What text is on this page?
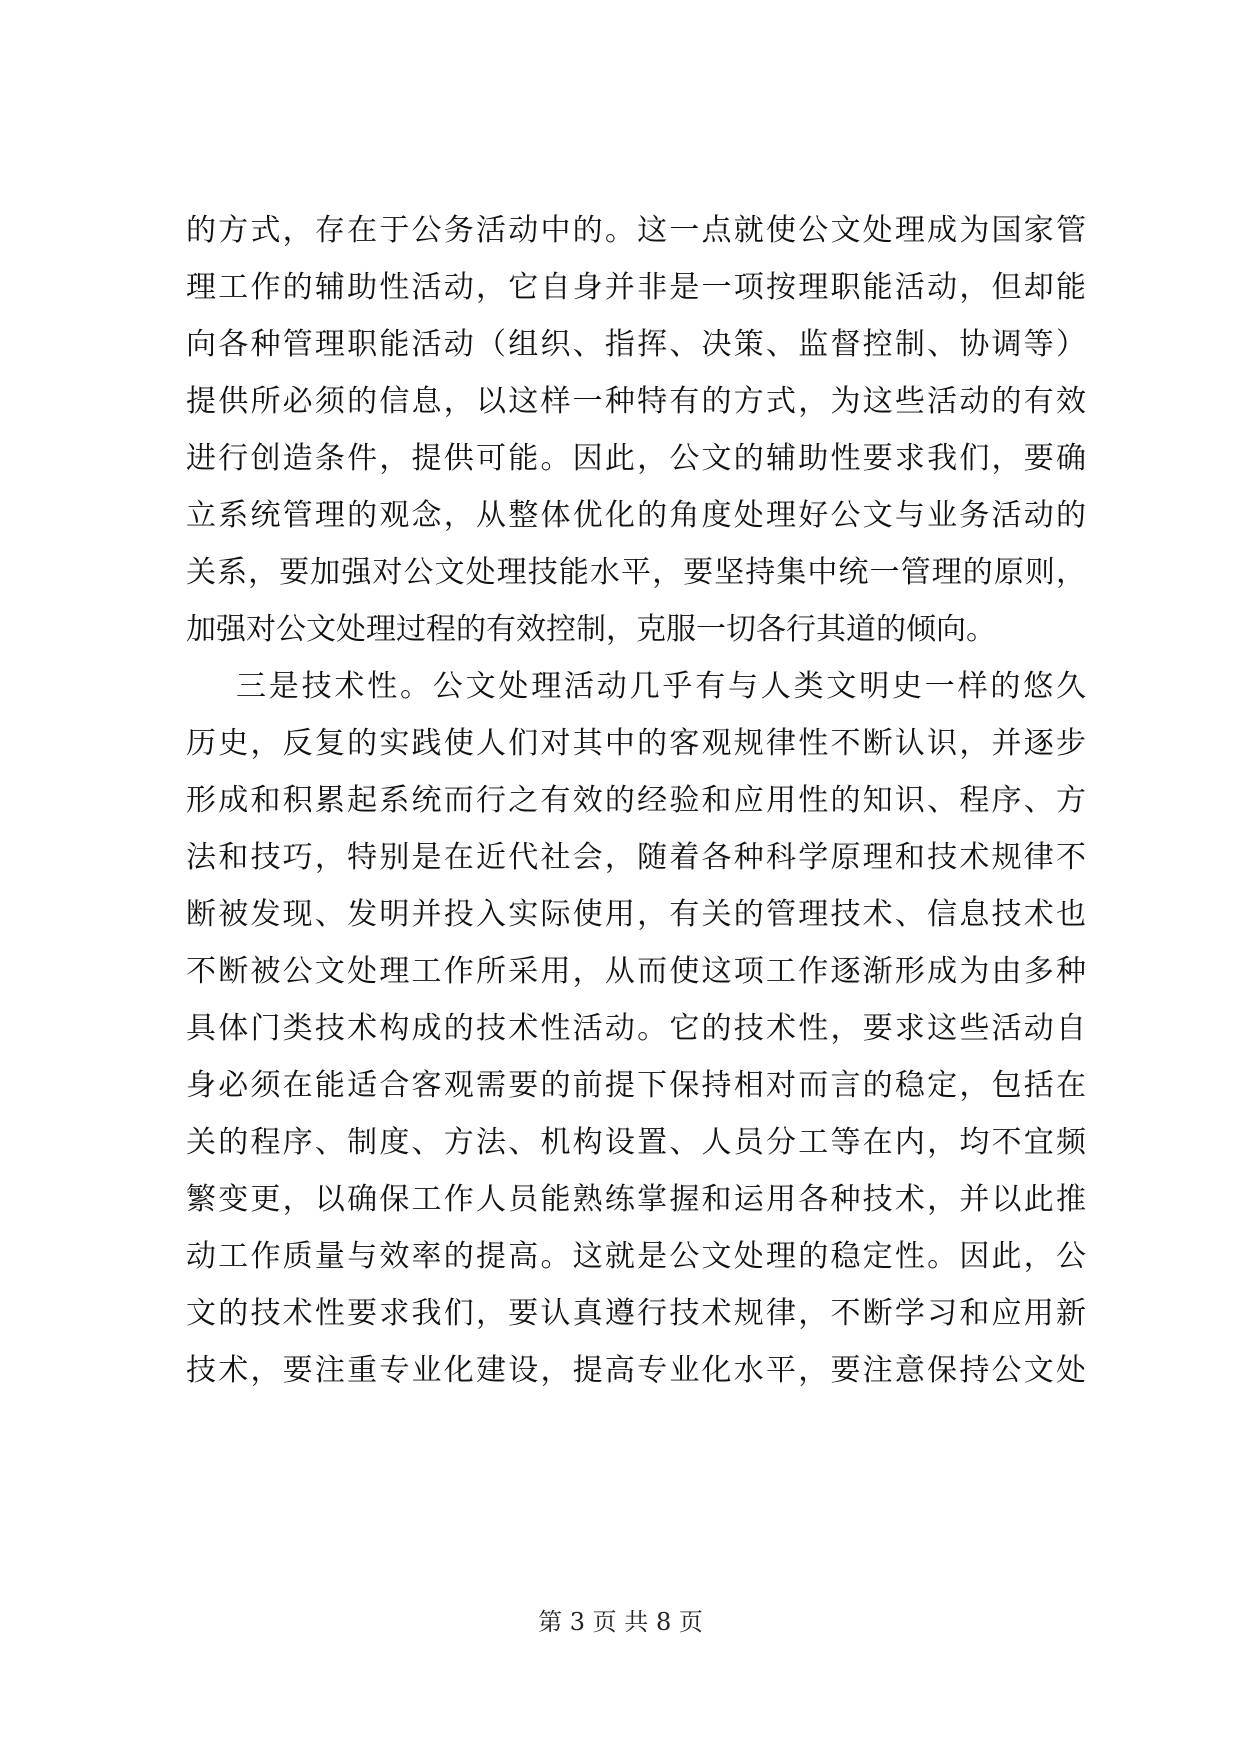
的方式，存在于公务活动中的。这一点就使公文处理成为国家管
理工作的辅助性活动，它自身并非是一项按理职能活动，但却能
向各种管理职能活动（组织、指挥、决策、监督控制、协调等）
提供所必须的信息，以这样一种特有的方式，为这些活动的有效
进行创造条件，提供可能。因此，公文的辅助性要求我们，要确
立系统管理的观念，从整体优化的角度处理好公文与业务活动的
关系，要加强对公文处理技能水平，要坚持集中统一管理的原则，
加强对公文处理过程的有效控制，克服一切各行其道的倾向。
三是技术性。公文处理活动几乎有与人类文明史一样的悠久
历史，反复的实践使人们对其中的客观规律性不断认识，并逐步
形成和积累起系统而行之有效的经验和应用性的知识、程序、方
法和技巧，特别是在近代社会，随着各种科学原理和技术规律不
断被发现、发明并投入实际使用，有关的管理技术、信息技术也
不断被公文处理工作所采用，从而使这项工作逐渐形成为由多种
具体门类技术构成的技术性活动。它的技术性，要求这些活动自
身必须在能适合客观需要的前提下保持相对而言的稳定，包括在
关的程序、制度、方法、机构设置、人员分工等在内，均不宜频
繁变更，以确保工作人员能熟练掌握和运用各种技术，并以此推
动工作质量与效率的提高。这就是公文处理的稳定性。因此，公
文的技术性要求我们，要认真遵行技术规律，不断学习和应用新
技术，要注重专业化建设，提高专业化水平，要注意保持公文处
第 3 页 共 8 页
